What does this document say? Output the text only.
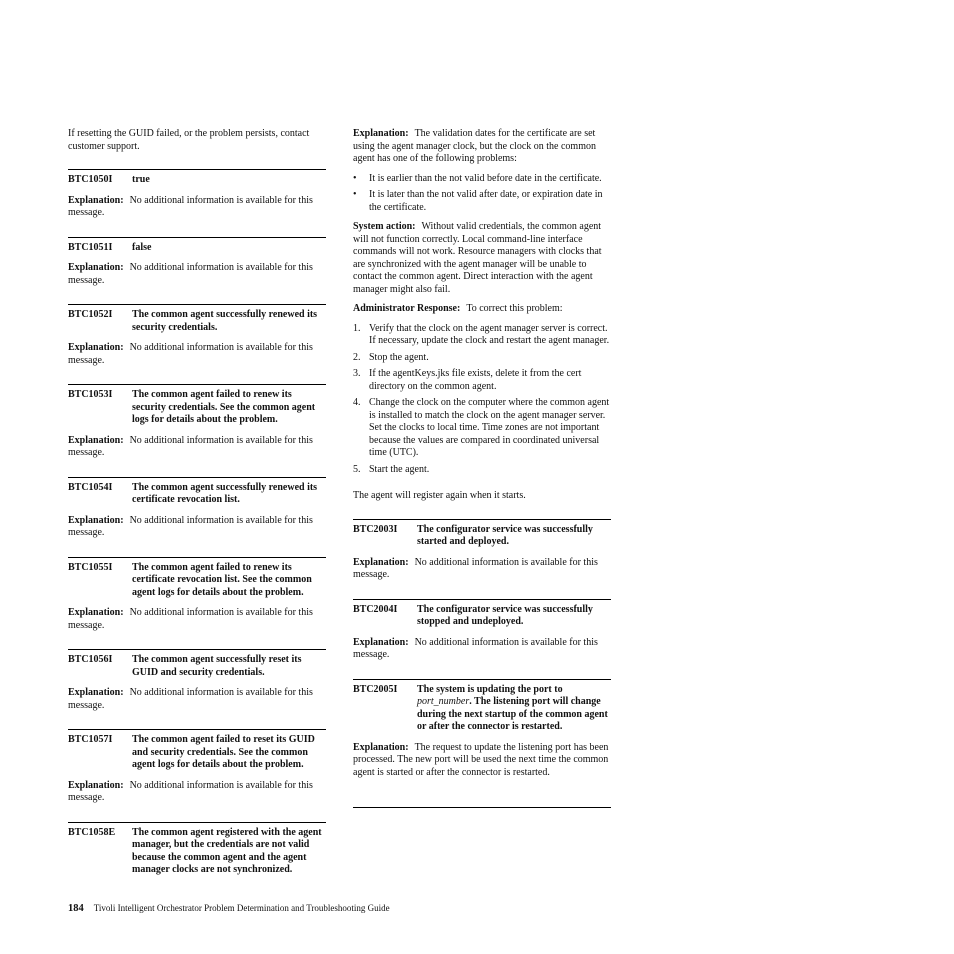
If resetting the GUID failed, or the problem persists, contact customer support.

BTC1050I	true

Explanation: No additional information is available for this message.

BTC1051I	false

Explanation: No additional information is available for this message.

BTC1052I	The common agent successfully renewed its security credentials.

Explanation: No additional information is available for this message.

BTC1053I	The common agent failed to renew its security credentials. See the common agent logs for details about the problem.

Explanation: No additional information is available for this message.

BTC1054I	The common agent successfully renewed its certificate revocation list.

Explanation: No additional information is available for this message.

BTC1055I	The common agent failed to renew its certificate revocation list. See the common agent logs for details about the problem.

Explanation: No additional information is available for this message.

BTC1056I	The common agent successfully reset its GUID and security credentials.

Explanation: No additional information is available for this message.

BTC1057I	The common agent failed to reset its GUID and security credentials. See the common agent logs for details about the problem.

Explanation: No additional information is available for this message.

BTC1058E	The common agent registered with the agent manager, but the credentials are not valid because the common agent and the agent manager clocks are not synchronized.

Explanation: The validation dates for the certificate are set using the agent manager clock, but the clock on the common agent has one of the following problems:

•	It is earlier than the not valid before date in the certificate.
•	It is later than the not valid after date, or expiration date in the certificate.

System action: Without valid credentials, the common agent will not function correctly. Local command-line interface commands will not work. Resource managers with clocks that are synchronized with the agent manager will be unable to contact the common agent. Direct interaction with the agent manager might also fail.

Administrator Response: To correct this problem:

1. Verify that the clock on the agent manager server is correct. If necessary, update the clock and restart the agent manager.
2. Stop the agent.
3. If the agentKeys.jks file exists, delete it from the cert directory on the common agent.
4. Change the clock on the computer where the common agent is installed to match the clock on the agent manager server. Set the clocks to local time. Time zones are not important because the values are compared in coordinated universal time (UTC).
5. Start the agent.

The agent will register again when it starts.

BTC2003I	The configurator service was successfully started and deployed.

Explanation: No additional information is available for this message.

BTC2004I	The configurator service was successfully stopped and undeployed.

Explanation: No additional information is available for this message.

BTC2005I	The system is updating the port to port_number. The listening port will change during the next startup of the common agent or after the connector is restarted.

Explanation: The request to update the listening port has been processed. The new port will be used the next time the common agent is started or after the connector is restarted.

184 Tivoli Intelligent Orchestrator Problem Determination and Troubleshooting Guide
